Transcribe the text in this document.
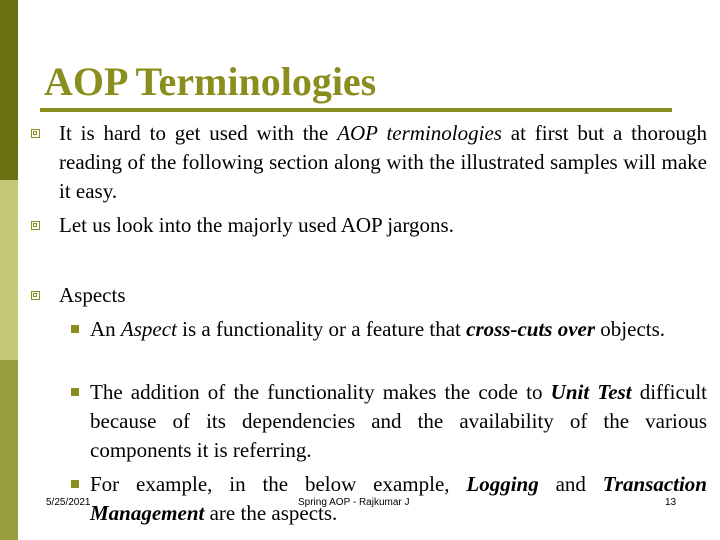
AOP Terminologies
It is hard to get used with the AOP terminologies at first but a thorough reading of the following section along with the illustrated samples will make it easy.
Let us look into the majorly used AOP jargons.
Aspects
An Aspect is a functionality or a feature that cross-cuts over objects.
The addition of the functionality makes the code to Unit Test difficult because of its dependencies and the availability of the various components it is referring.
For example, in the below example, Logging and Transaction Management are the aspects.
5/25/2021	Spring AOP - Rajkumar J	13
